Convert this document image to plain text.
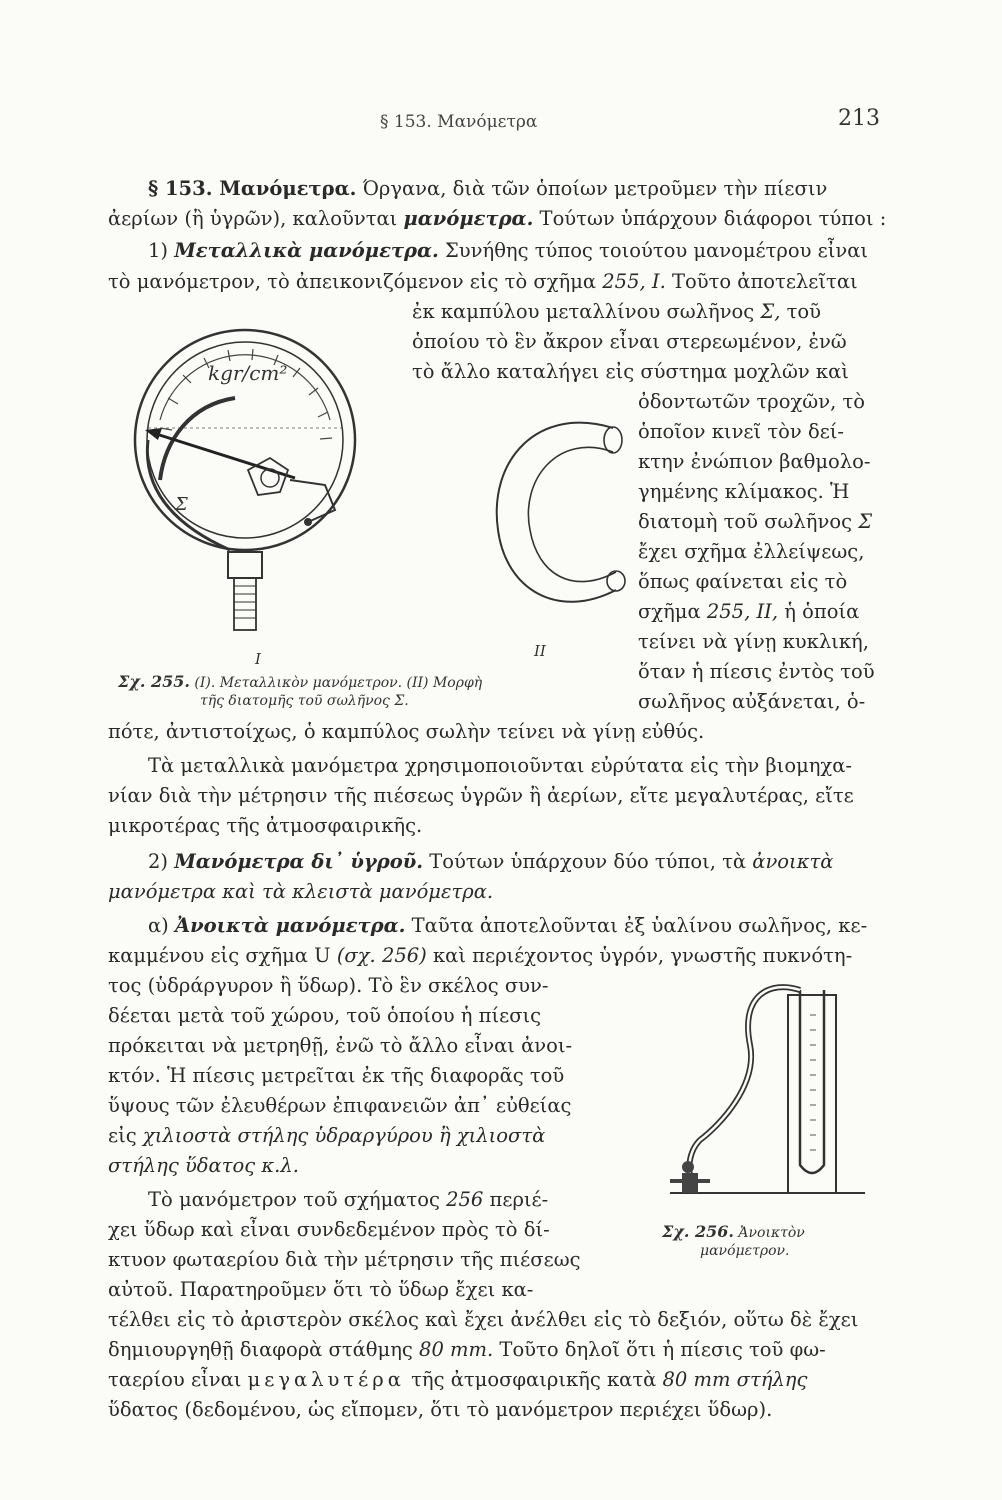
§ 153. Μανόμετρα	213
§ 153. Μανόμετρα. Όργανα, διὰ τῶν ὁποίων μετροῦμεν τὴν πίεσιν
ἀερίων (ἢ ὑγρῶν), καλοῦνται μανόμετρα. Τούτων ὑπάρχουν διάφοροι τύποι :
1) Μεταλλικὰ μανόμετρα. Συνήθης τύπος τοιούτου μανομέτρου εἶναι
τὸ μανόμετρον, τὸ ἀπεικονιζόμενον εἰς τὸ σχῆμα 255, I. Τοῦτο ἀποτελεῖται
ἐκ καμπύλου μεταλλίνου σωλῆνος Σ, τοῦ
ὁποίου τὸ ἓν ἄκρον εἶναι στερεωμένον, ἐνῶ
τὸ ἄλλο καταλήγει εἰς σύστημα μοχλῶν καὶ
ὀδοντωτῶν τροχῶν, τὸ
ὁποῖον κινεῖ τὸν δεί-
κτην ἐνώπιον βαθμολο-
γημένης κλίμακος. Ἡ
διατομὴ τοῦ σωλῆνος Σ
ἔχει σχῆμα ἐλλείψεως,
ὅπως φαίνεται εἰς τὸ
σχῆμα 255, II, ἡ ὁποία
τείνει νὰ γίνῃ κυκλική,
ὅταν ἡ πίεσις ἐντὸς τοῦ
σωλῆνος αὐξάνεται, ὁ-
πότε, ἀντιστοίχως, ὁ καμπύλος σωλὴν τείνει νὰ γίνῃ εὐθύς.
Τὰ μεταλλικὰ μανόμετρα χρησιμοποιοῦνται εὐρύτατα εἰς τὴν βιομηχα-
νίαν διὰ τὴν μέτρησιν τῆς πιέσεως ὑγρῶν ἢ ἀερίων, εἴτε μεγαλυτέρας, εἴτε
μικροτέρας τῆς ἀτμοσφαιρικῆς.
2) Μανόμετρα δι᾿ ὑγροῦ. Τούτων ὑπάρχουν δύο τύποι, τὰ ἀνοικτὰ
μανόμετρα καὶ τὰ κλειστὰ μανόμετρα.
α) Ἀνοικτὰ μανόμετρα. Ταῦτα ἀποτελοῦνται ἐξ ὑαλίνου σωλῆνος, κε-
καμμένου εἰς σχῆμα U (σχ. 256) καὶ περιέχοντος ὑγρόν, γνωστῆς πυκνότη-
τος (ὑδράργυρον ἢ ὕδωρ). Τὸ ἓν σκέλος συν-
δέεται μετὰ τοῦ χώρου, τοῦ ὁποίου ἡ πίεσις
πρόκειται νὰ μετρηθῇ, ἐνῶ τὸ ἄλλο εἶναι ἀνοι-
κτόν. Ἡ πίεσις μετρεῖται ἐκ τῆς διαφορᾶς τοῦ
ὕψους τῶν ἐλευθέρων ἐπιφανειῶν ἀπ᾿ εὐθείας
εἰς χιλιοστὰ στήλης ὑδραργύρου ἢ χιλιοστὰ
στήλης ὕδατος κ.λ.
Τὸ μανόμετρον τοῦ σχήματος 256 περιέ-
χει ὕδωρ καὶ εἶναι συνδεδεμένον πρὸς τὸ δί-
κτυον φωταερίου διὰ τὴν μέτρησιν τῆς πιέσεως
αὐτοῦ. Παρατηροῦμεν ὅτι τὸ ὕδωρ ἔχει κα-
τέλθει εἰς τὸ ἀριστερὸν σκέλος καὶ ἔχει ἀνέλθει εἰς τὸ δεξιόν, οὕτω δὲ ἔχει
δημιουργηθῇ διαφορὰ στάθμης 80 mm. Τοῦτο δηλοῖ ὅτι ἡ πίεσις τοῦ φω-
ταερίου εἶναι μεγαλυτέρα τῆς ἀτμοσφαιρικῆς κατὰ 80 mm στήλης
ὕδατος (δεδομένου, ὡς εἴπομεν, ὅτι τὸ μανόμετρον περιέχει ὕδωρ).
kgr/cm²
Σ
I	II
Σχ. 255. (I). Μεταλλικὸν μανόμετρον. (II) Μορφὴ
τῆς διατομῆς τοῦ σωλῆνος Σ.
Σχ. 256. Ἀνοικτὸν
μανόμετρον.
